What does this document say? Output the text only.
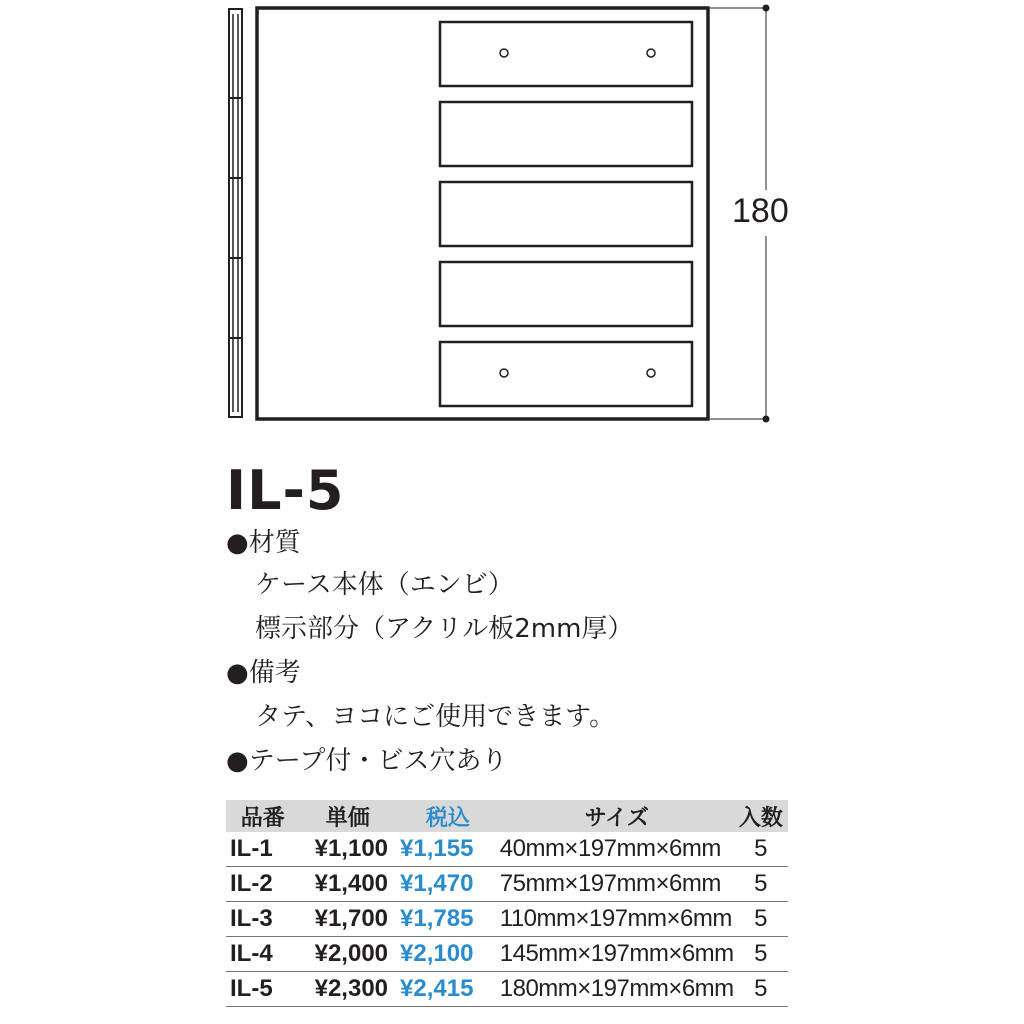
180
IL-5
●材質
ケース本体（エンビ）
標示部分（アクリル板2mm厚）
●備考
タテ、ヨコにご使用できます。
●テープ付・ビス穴あり
品番	単価	税込	サイズ	入数
IL-1	¥1,100	¥1,155	40mm×197mm×6mm	5
IL-2	¥1,400	¥1,470	75mm×197mm×6mm	5
IL-3	¥1,700	¥1,785	110mm×197mm×6mm	5
IL-4	¥2,000	¥2,100	145mm×197mm×6mm	5
IL-5	¥2,300	¥2,415	180mm×197mm×6mm	5
